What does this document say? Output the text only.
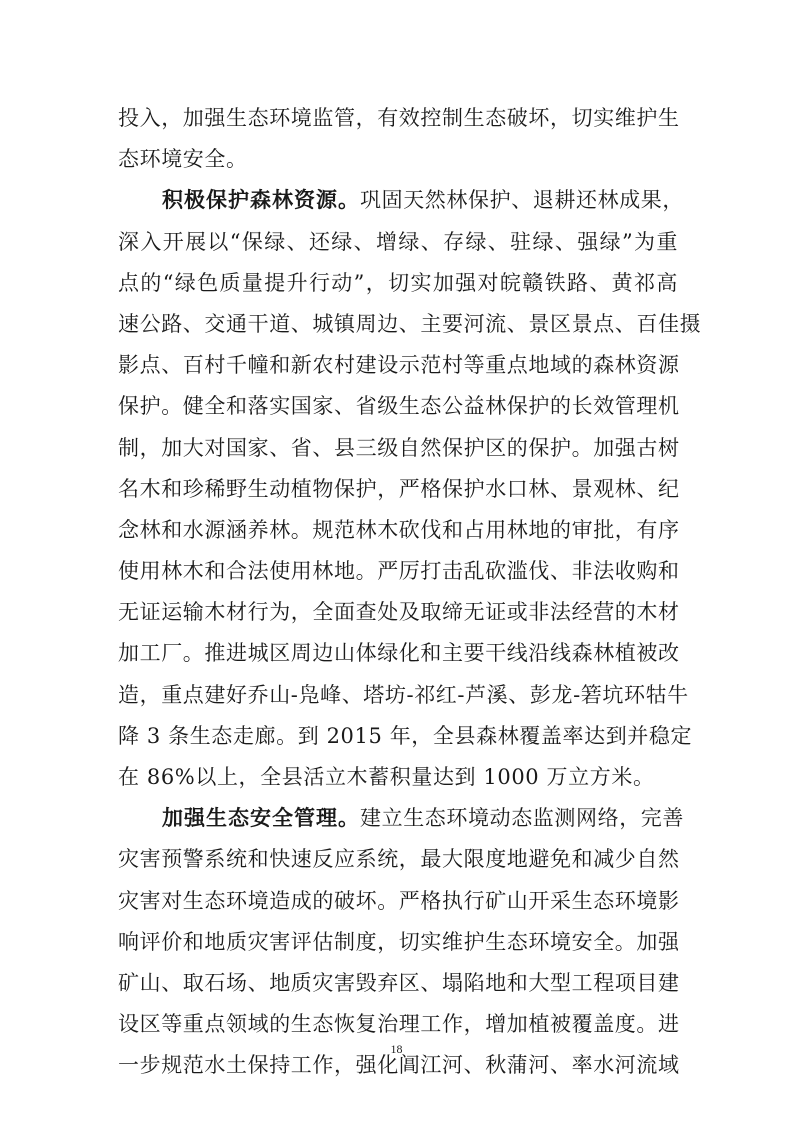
投入，加强生态环境监管，有效控制生态破坏，切实维护生
态环境安全。
积极保护森林资源。巩固天然林保护、退耕还林成果，
深入开展以“保绿、还绿、增绿、存绿、驻绿、强绿”为重
点的“绿色质量提升行动”，切实加强对皖赣铁路、黄祁高
速公路、交通干道、城镇周边、主要河流、景区景点、百佳摄
影点、百村千幢和新农村建设示范村等重点地域的森林资源
保护。健全和落实国家、省级生态公益林保护的长效管理机
制，加大对国家、省、县三级自然保护区的保护。加强古树
名木和珍稀野生动植物保护，严格保护水口林、景观林、纪
念林和水源涵养林。规范林木砍伐和占用林地的审批，有序
使用林木和合法使用林地。严厉打击乱砍滥伐、非法收购和
无证运输木材行为，全面查处及取缔无证或非法经营的木材
加工厂。推进城区周边山体绿化和主要干线沿线森林植被改
造，重点建好乔山-凫峰、塔坊-祁红-芦溪、彭龙-箬坑环牯牛
降 3 条生态走廊。到 2015 年，全县森林覆盖率达到并稳定
在 86%以上，全县活立木蓄积量达到 1000 万立方米。
加强生态安全管理。建立生态环境动态监测网络，完善
灾害预警系统和快速反应系统，最大限度地避免和减少自然
灾害对生态环境造成的破坏。严格执行矿山开采生态环境影
响评价和地质灾害评估制度，切实维护生态环境安全。加强
矿山、取石场、地质灾害毁弃区、塌陷地和大型工程项目建
设区等重点领域的生态恢复治理工作，增加植被覆盖度。进
一步规范水土保持工作，强化阊江河、秋蒲河、率水河流域
18
